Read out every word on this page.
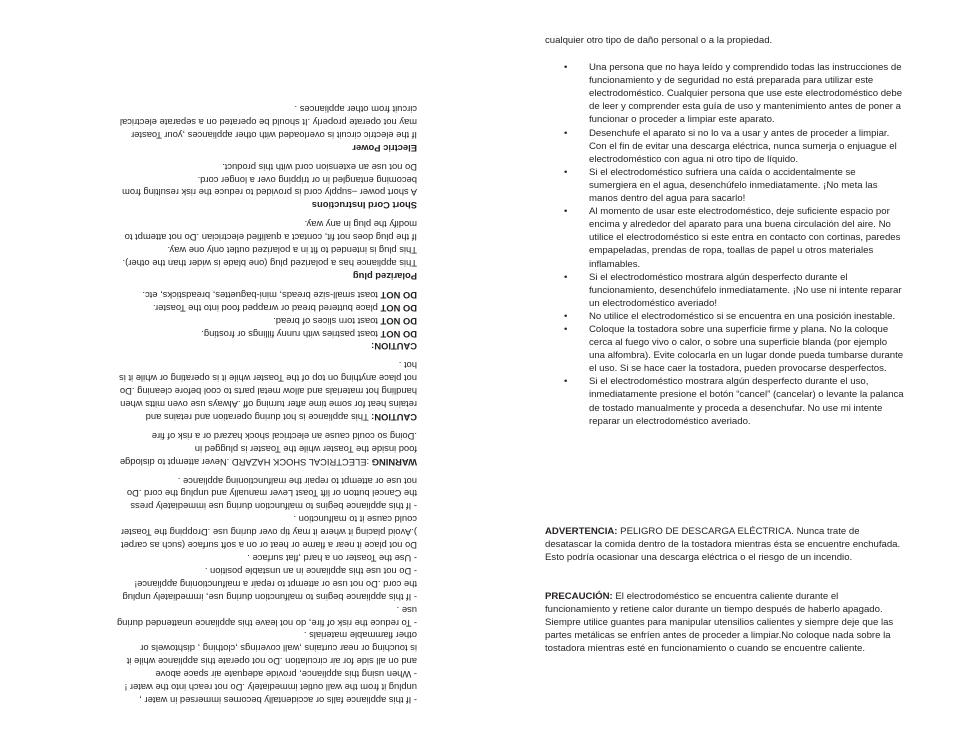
- If this appliance falls or accidentally becomes immersed in water ,
unplug it from the wall outlet immediately .Do not reach into the water !

- When using this appliance, provide adequate air space above
and on all side for air circulation .Do not operate this appliance while it
is touching or near curtains ,wall coverings ,clothing , dishtowels or
other flammable materials .

- To reduce the risk of fire, do not leave this appliance unattended during
use .

- If this appliance begins to malfunction during use, immediately unplug
the cord .Do not use or attempt to repair a malfunctioning appliance!

- Do not use this appliance in an unstable position .

- Use the Toaster on a hard ,flat surface .

Do not place it near a flame or heat or on a soft surface (such as carpet
).Avoid placing it where it may tip over during use .Dropping the Toaster
could cause it to malfunction .

- If this appliance begins to malfunction during use immediately press
the Cancel button or lift Toast Lever manually and unplug the cord .Do
not use or attempt to repair the malfunctioning appliance .

WARNING :ELECTRICAL SHOCK HAZARD .Never attempt to dislodge
food inside the Toaster while the Toaster is plugged in
.Doing so could cause an electrical shock hazard or a risk of fire

CAUTION: This appliance is hot during operation and retains and
retains heat for some time after turning off .Always use oven mitts when
handling hot materials and allow metal parts to cool before cleaning .Do
not place anything on top of the Toaster while it is operating or while it is
hot .

CAUTION:

DO NOT toast pastries with runny fillings or frosting.

DO NOT toast torn slices of bread.

DO NOT place buttered bread or wrapped food into the Toaster.

DO NOT toast small-size breads, mini-baguettes, breadsticks, etc.

Polarized plug

This appliance has a polarized plug (one blade is wider than the other).
This plug is intended to fit in a polarized outlet only one way.
If the plug does not fit, contact a qualified electrician .Do not attempt to
modify the plug in any way.

Short Cord Instructions

A short power –supply cord is provided to reduce the risk resulting from
becoming entangled in or tripping over a longer cord.
Do not use an extension cord with this product.

Electric Power

If the electric circuit is overloaded with other appliances ,your Toaster
may not operate properly .It should be operated on a separate electrical
circuit from other appliances .

cualquier otro tipo de daño personal o a la propiedad.

• Una persona que no haya leído y comprendido todas las instrucciones de funcionamiento y de seguridad no está preparada para utilizar este electrodoméstico. Cualquier persona que use este electrodoméstico debe de leer y comprender esta guía de uso y mantenimiento antes de poner a funcionar o proceder a limpiar este aparato.
• Desenchufe el aparato si no lo va a usar y antes de proceder a limpiar. Con el fin de evitar una descarga eléctrica, nunca sumerja o enjuague el electrodoméstico con agua ni otro tipo de líquido.
• Si el electrodoméstico sufriera una caída o accidentalmente se sumergiera en el agua, desenchúfelo inmediatamente. ¡No meta las manos dentro del agua para sacarlo!
• Al momento de usar este electrodoméstico, deje suficiente espacio por encima y alrededor del aparato para una buena circulación del aire. No utilice el electrodoméstico si este entra en contacto con cortinas, paredes empapeladas, prendas de ropa, toallas de papel u otros materiales inflamables.
• Si el electrodoméstico mostrara algún desperfecto durante el funcionamiento, desenchúfelo inmediatamente. ¡No use ni intente reparar un electrodoméstico averiado!
• No utilice el electrodoméstico si se encuentra en una posición inestable.
• Coloque la tostadora sobre una superficie firme y plana. No la coloque cerca al fuego vivo o calor, o sobre una superficie blanda (por ejemplo una alfombra). Evite colocarla en un lugar donde pueda tumbarse durante el uso. Si se hace caer la tostadora, pueden provocarse desperfectos.
• Si el electrodoméstico mostrara algún desperfecto durante el uso, inmediatamente presione el botón “cancel” (cancelar) o levante la palanca de tostado manualmente y proceda a desenchufar. No use mi intente reparar un electrodoméstico averiado.

ADVERTENCIA: PELIGRO DE DESCARGA ELÉCTRICA. Nunca trate de desatascar la comida dentro de la tostadora mientras ésta se encuentre enchufada. Esto podría ocasionar una descarga eléctrica o el riesgo de un incendio.

PRECAUCIÓN: El electrodoméstico se encuentra caliente durante el funcionamiento y retiene calor durante un tiempo después de haberlo apagado. Siempre utilice guantes para manipular utensilios calientes y siempre deje que las partes metálicas se enfríen antes de proceder a limpiar.No coloque nada sobre la tostadora mientras esté en funcionamiento o cuando se encuentre caliente.
